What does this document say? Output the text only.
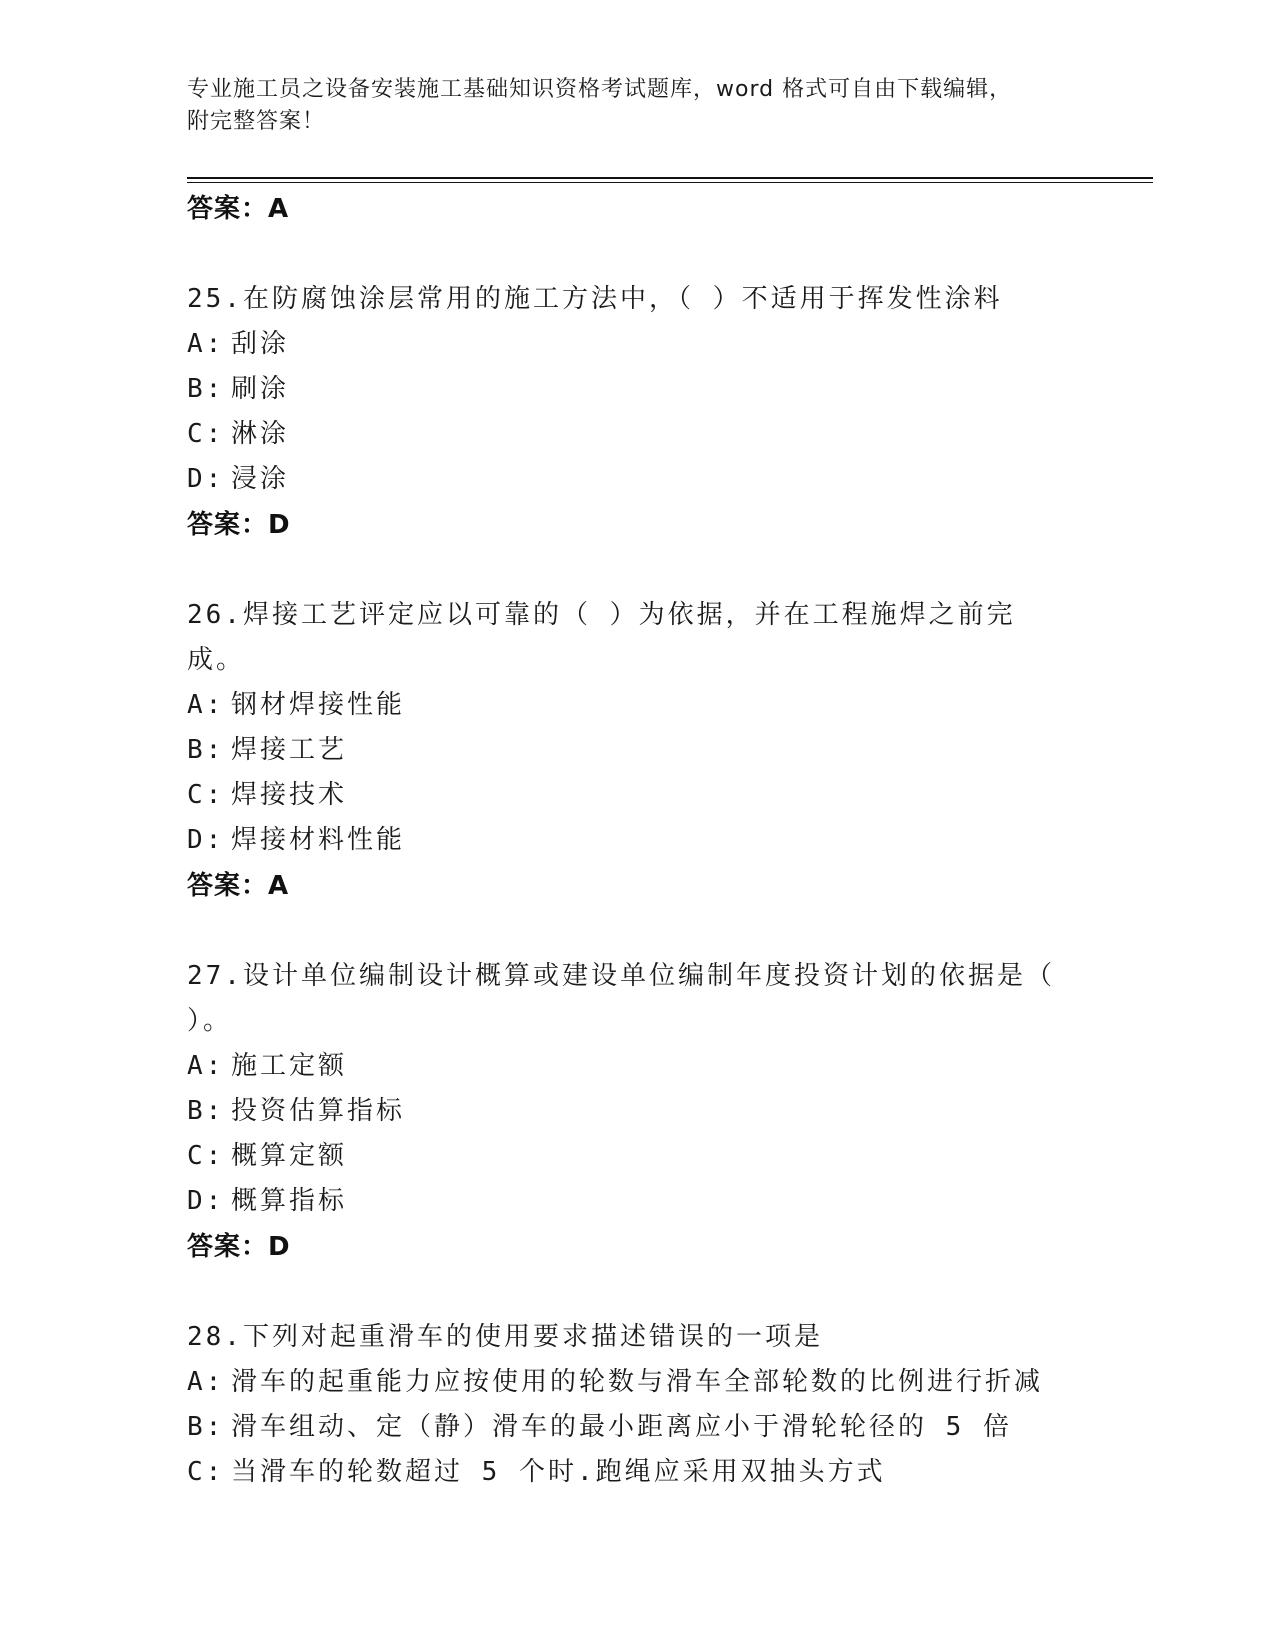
专业施工员之设备安装施工基础知识资格考试题库，word 格式可自由下载编辑，
附完整答案！
答案：A
25.在防腐蚀涂层常用的施工方法中，（ ）不适用于挥发性涂料
A: 刮涂
B: 刷涂
C: 淋涂
D: 浸涂
答案：D
26.焊接工艺评定应以可靠的（ ）为依据，并在工程施焊之前完成。
A: 钢材焊接性能
B: 焊接工艺
C: 焊接技术
D: 焊接材料性能
答案：A
27.设计单位编制设计概算或建设单位编制年度投资计划的依据是（
）。
A: 施工定额
B: 投资估算指标
C: 概算定额
D: 概算指标
答案：D
28.下列对起重滑车的使用要求描述错误的一项是
A: 滑车的起重能力应按使用的轮数与滑车全部轮数的比例进行折减
B: 滑车组动、定（静）滑车的最小距离应小于滑轮轮径的 5 倍
C: 当滑车的轮数超过 5 个时.跑绳应采用双抽头方式
